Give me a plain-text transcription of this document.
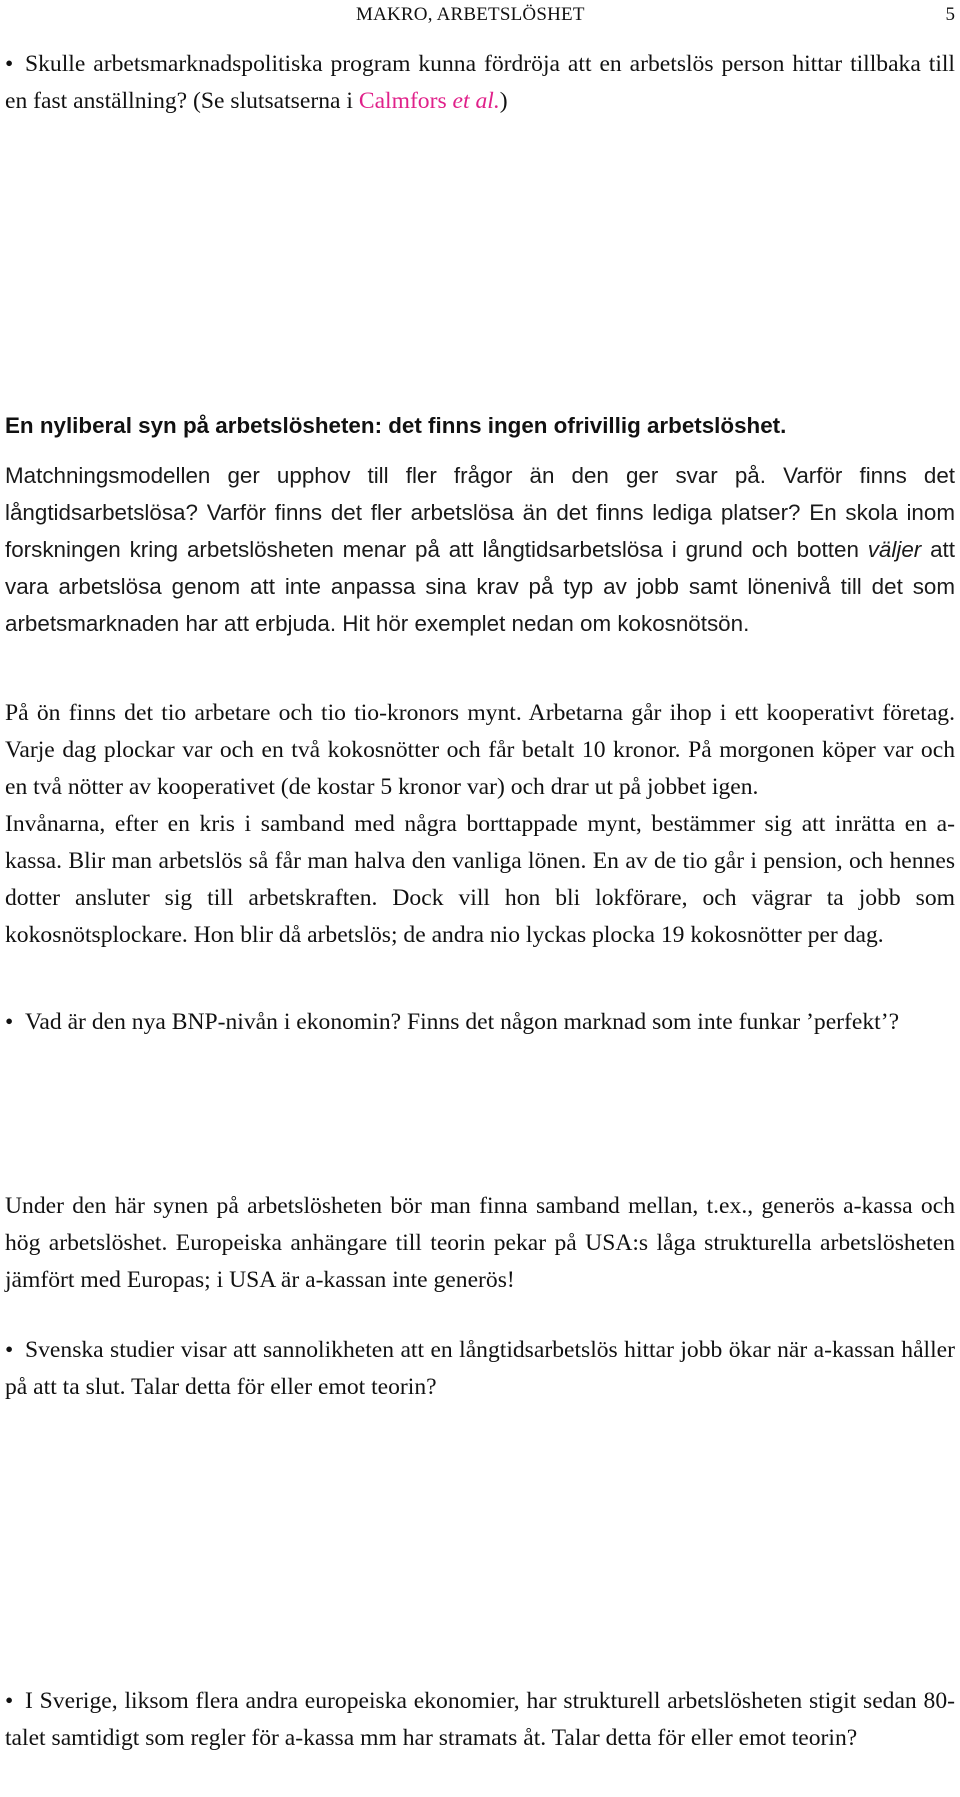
MAKRO, ARBETSLÖSHET	5

• Skulle arbetsmarknadspolitiska program kunna fördröja att en arbetslös person hittar tillbaka till en fast anställning? (Se slutsatserna i Calmfors et al.)

En nyliberal syn på arbetslösheten: det finns ingen ofrivillig arbetslöshet.

Matchningsmodellen ger upphov till fler frågor än den ger svar på. Varför finns det långtidsarbetslösa? Varför finns det fler arbetslösa än det finns lediga platser? En skola inom forskningen kring arbetslösheten menar på att långtidsarbetslösa i grund och botten väljer att vara arbetslösa genom att inte anpassa sina krav på typ av jobb samt lönenivå till det som arbetsmarknaden har att erbjuda. Hit hör exemplet nedan om kokosnötsön.

På ön finns det tio arbetare och tio tio-kronors mynt. Arbetarna går ihop i ett kooperativt företag. Varje dag plockar var och en två kokosnötter och får betalt 10 kronor. På morgonen köper var och en två nötter av kooperativet (de kostar 5 kronor var) och drar ut på jobbet igen.

Invånarna, efter en kris i samband med några borttappade mynt, bestämmer sig att inrätta en a-kassa. Blir man arbetslös så får man halva den vanliga lönen. En av de tio går i pension, och hennes dotter ansluter sig till arbetskraften. Dock vill hon bli lokförare, och vägrar ta jobb som kokosnötsplockare. Hon blir då arbetslös; de andra nio lyckas plocka 19 kokosnötter per dag.

• Vad är den nya BNP-nivån i ekonomin? Finns det någon marknad som inte funkar ’perfekt’?

Under den här synen på arbetslösheten bör man finna samband mellan, t.ex., generös a-kassa och hög arbetslöshet. Europeiska anhängare till teorin pekar på USA:s låga strukturella arbetslösheten jämfört med Europas; i USA är a-kassan inte generös!

• Svenska studier visar att sannolikheten att en långtidsarbetslös hittar jobb ökar när a-kassan håller på att ta slut. Talar detta för eller emot teorin?

• I Sverige, liksom flera andra europeiska ekonomier, har strukturell arbetslösheten stigit sedan 80-talet samtidigt som regler för a-kassa mm har stramats åt. Talar detta för eller emot teorin?
